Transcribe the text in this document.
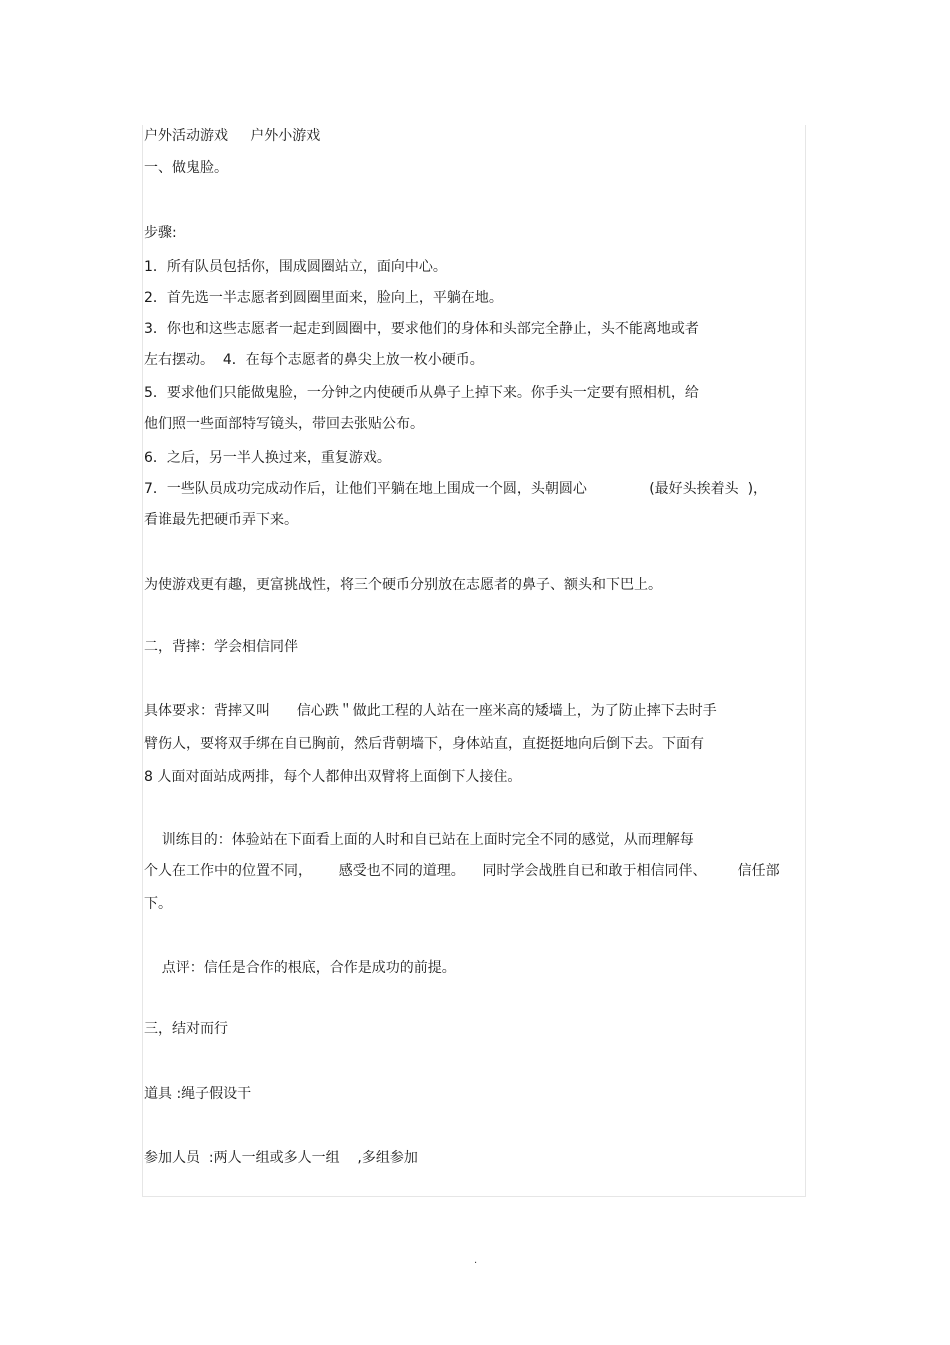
户外活动游戏     户外小游戏

一、做鬼脸。

步骤:

1．所有队员包括你，围成圆圈站立，面向中心。

2．首先选一半志愿者到圆圈里面来，脸向上，平躺在地。

3．你也和这些志愿者一起走到圆圈中，要求他们的身体和头部完全静止，头不能离地或者

左右摆动。  4．在每个志愿者的鼻尖上放一枚小硬币。

5．要求他们只能做鬼脸，一分钟之内使硬币从鼻子上掉下来。你手头一定要有照相机，给

他们照一些面部特写镜头，带回去张贴公布。

6．之后，另一半人换过来，重复游戏。

7．一些队员成功完成动作后，让他们平躺在地上围成一个圆，头朝圆心              (最好头挨着头  )，

看谁最先把硬币弄下来。

为使游戏更有趣，更富挑战性，将三个硬币分别放在志愿者的鼻子、额头和下巴上。

二，背摔：学会相信同伴

具体要求：背摔又叫      信心跌＂做此工程的人站在一座米高的矮墙上，为了防止摔下去时手

臂伤人，要将双手绑在自已胸前，然后背朝墙下，身体站直，直挺挺地向后倒下去。下面有

8 人面对面站成两排，每个人都伸出双臂将上面倒下人接住。

训练目的：体验站在下面看上面的人时和自已站在上面时完全不同的感觉，从而理解每

个人在工作中的位置不同，      感受也不同的道理。    同时学会战胜自已和敢于相信同伴、       信任部

下。

点评：信任是合作的根底，合作是成功的前提。

三，结对而行

道具 :绳子假设干

参加人员  :两人一组或多人一组    ,多组参加

.
